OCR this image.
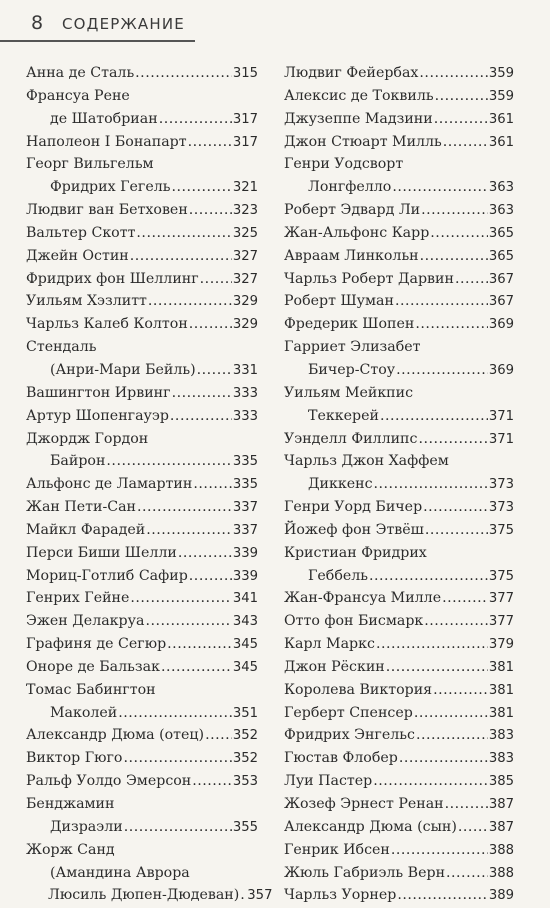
8 СОДЕРЖАНИЕ
Анна де Сталь .....	315
Франсуа Рене
де Шатобриан .....	317
Наполеон I Бонапарт .....	317
Георг Вильгельм
Фридрих Гегель .....	321
Людвиг ван Бетховен .....	323
Вальтер Скотт .....	325
Джейн Остин .....	327
Фридрих фон Шеллинг .....	327
Уильям Хэзлитт .....	329
Чарльз Калеб Колтон .....	329
Стендаль
(Анри-Мари Бейль) .....	331
Вашингтон Ирвинг .....	333
Артур Шопенгауэр .....	333
Джордж Гордон
Байрон .....	335
Альфонс де Ламартин .....	335
Жан Пети-Сан .....	337
Майкл Фарадей .....	337
Перси Биши Шелли .....	339
Мориц-Готлиб Сафир .....	339
Генрих Гейне .....	341
Эжен Делакруа .....	343
Графиня де Сегюр .....	345
Оноре де Бальзак .....	345
Томас Бабингтон
Маколей .....	351
Александр Дюма (отец) ..... 352
Виктор Гюго .....	352
Ральф Уолдо Эмерсон .....	353
Бенджамин
Дизраэли .....	355
Жорж Санд
(Амандина Аврора
Люсиль Дюпен-Дюдеван) ..... 357
Людвиг Фейербах .....	359
Алексис де Токвиль .....	359
Джузеппе Мадзини .....	361
Джон Стюарт Милль .....	361
Генри Уодсворт
Лонгфелло .....	363
Роберт Эдвард Ли .....	363
Жан-Альфонс Карр .....	365
Авраам Линкольн .....	365
Чарльз Роберт Дарвин .....	367
Роберт Шуман .....	367
Фредерик Шопен .....	369
Гарриет Элизабет
Бичер-Стоу .....	369
Уильям Мейкпис
Теккерей .....	371
Уэнделл Филлипс .....	371
Чарльз Джон Хаффем
Диккенс .....	373
Генри Уорд Бичер .....	373
Йожеф фон Этвёш .....	375
Кристиан Фридрих
Геббель .....	375
Жан-Франсуа Милле .....	377
Отто фон Бисмарк .....	377
Карл Маркс .....	379
Джон Рёскин .....	381
Королева Виктория .....	381
Герберт Спенсер .....	381
Фридрих Энгельс .....	383
Гюстав Флобер .....	383
Луи Пастер .....	385
Жозеф Эрнест Ренан .....	387
Александр Дюма (сын) ..... 387
Генрик Ибсен .....	388
Жюль Габриэль Верн .....	388
Чарльз Уорнер .....	389
